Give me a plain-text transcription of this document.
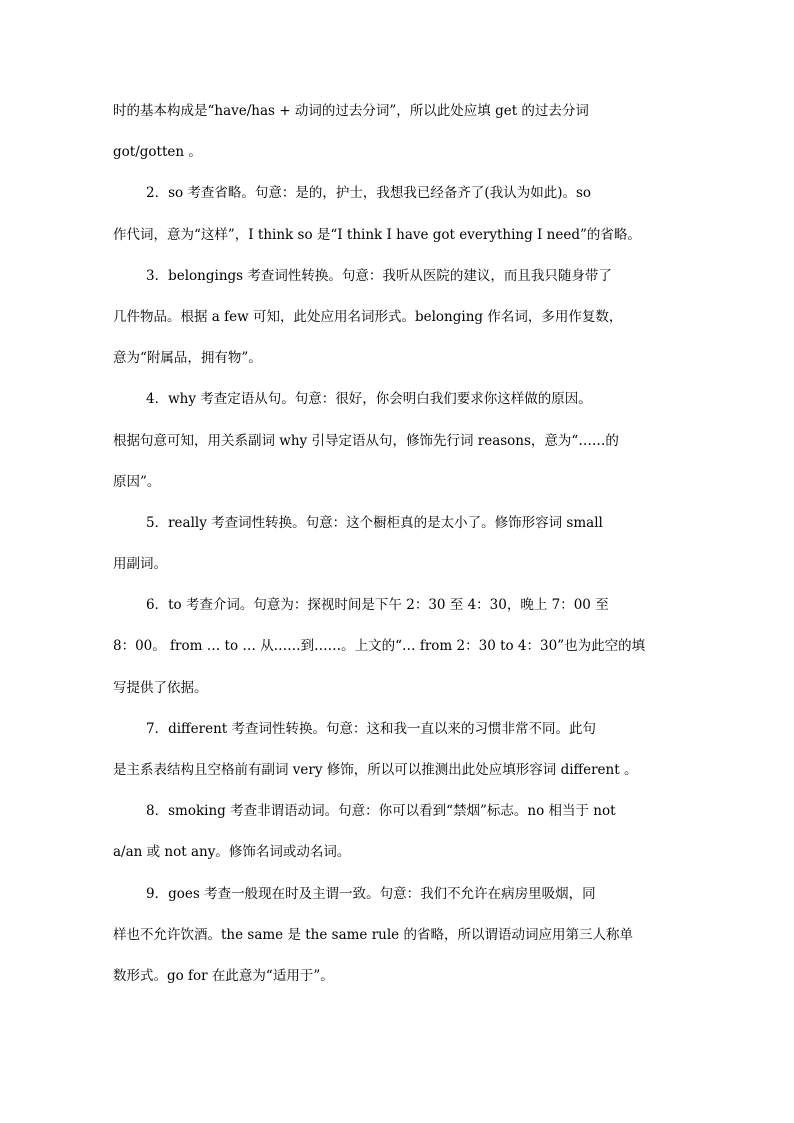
时的基本构成是“have/has + 动词的过去分词”，所以此处应填 get 的过去分词
got/gotten 。
2．so 考查省略。句意：是的，护士，我想我已经备齐了(我认为如此)。so
作代词，意为“这样”，I think so 是“I think I have got everything I need”的省略。
3．belongings 考查词性转换。句意：我听从医院的建议，而且我只随身带了
几件物品。根据 a few 可知，此处应用名词形式。belonging 作名词，多用作复数，
意为“附属品，拥有物”。
4．why 考查定语从句。句意：很好，你会明白我们要求你这样做的原因。
根据句意可知，用关系副词 why 引导定语从句，修饰先行词 reasons，意为“……的
原因”。
5．really 考查词性转换。句意：这个橱柜真的是太小了。修饰形容词 small
用副词。
6．to 考查介词。句意为：探视时间是下午 2：30 至 4：30，晚上 7：00 至
8：00。 from … to … 从……到……。上文的“… from 2：30 to 4：30”也为此空的填
写提供了依据。
7．different 考查词性转换。句意：这和我一直以来的习惯非常不同。此句
是主系表结构且空格前有副词 very 修饰，所以可以推测出此处应填形容词 different 。
8．smoking 考查非谓语动词。句意：你可以看到“禁烟”标志。no 相当于 not
a/an 或 not any。修饰名词或动名词。
9．goes 考查一般现在时及主谓一致。句意：我们不允许在病房里吸烟，同
样也不允许饮酒。the same 是 the same rule 的省略，所以谓语动词应用第三人称单
数形式。go for 在此意为“适用于”。
